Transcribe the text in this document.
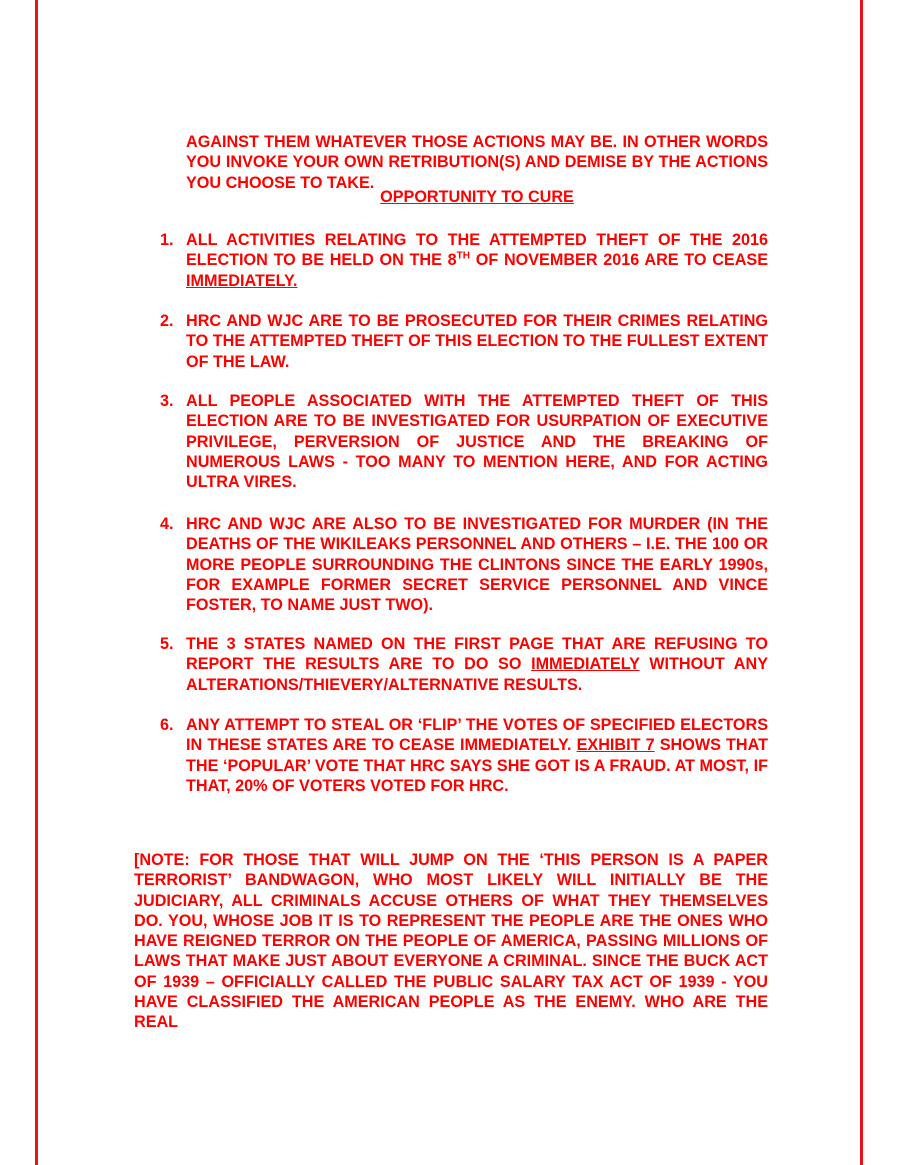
AGAINST THEM WHATEVER THOSE ACTIONS MAY BE. IN OTHER WORDS YOU INVOKE YOUR OWN RETRIBUTION(S) AND DEMISE BY THE ACTIONS YOU CHOOSE TO TAKE.

OPPORTUNITY TO CURE

1. ALL ACTIVITIES RELATING TO THE ATTEMPTED THEFT OF THE 2016 ELECTION TO BE HELD ON THE 8TH OF NOVEMBER 2016 ARE TO CEASE IMMEDIATELY.
2. HRC AND WJC ARE TO BE PROSECUTED FOR THEIR CRIMES RELATING TO THE ATTEMPTED THEFT OF THIS ELECTION TO THE FULLEST EXTENT OF THE LAW.
3. ALL PEOPLE ASSOCIATED WITH THE ATTEMPTED THEFT OF THIS ELECTION ARE TO BE INVESTIGATED FOR USURPATION OF EXECUTIVE PRIVILEGE, PERVERSION OF JUSTICE AND THE BREAKING OF NUMEROUS LAWS - TOO MANY TO MENTION HERE, AND FOR ACTING ULTRA VIRES.
4. HRC AND WJC ARE ALSO TO BE INVESTIGATED FOR MURDER (IN THE DEATHS OF THE WIKILEAKS PERSONNEL AND OTHERS – I.E. THE 100 OR MORE PEOPLE SURROUNDING THE CLINTONS SINCE THE EARLY 1990s, FOR EXAMPLE FORMER SECRET SERVICE PERSONNEL AND VINCE FOSTER, TO NAME JUST TWO).
5. THE 3 STATES NAMED ON THE FIRST PAGE THAT ARE REFUSING TO REPORT THE RESULTS ARE TO DO SO IMMEDIATELY WITHOUT ANY ALTERATIONS/THIEVERY/ALTERNATIVE RESULTS.
6. ANY ATTEMPT TO STEAL OR ‘FLIP’ THE VOTES OF SPECIFIED ELECTORS IN THESE STATES ARE TO CEASE IMMEDIATELY. EXHIBIT 7 SHOWS THAT THE ‘POPULAR’ VOTE THAT HRC SAYS SHE GOT IS A FRAUD. AT MOST, IF THAT, 20% OF VOTERS VOTED FOR HRC.

[NOTE: FOR THOSE THAT WILL JUMP ON THE ‘THIS PERSON IS A PAPER TERRORIST’ BANDWAGON, WHO MOST LIKELY WILL INITIALLY BE THE JUDICIARY, ALL CRIMINALS ACCUSE OTHERS OF WHAT THEY THEMSELVES DO. YOU, WHOSE JOB IT IS TO REPRESENT THE PEOPLE ARE THE ONES WHO HAVE REIGNED TERROR ON THE PEOPLE OF AMERICA, PASSING MILLIONS OF LAWS THAT MAKE JUST ABOUT EVERYONE A CRIMINAL. SINCE THE BUCK ACT OF 1939 – OFFICIALLY CALLED THE PUBLIC SALARY TAX ACT OF 1939 - YOU HAVE CLASSIFIED THE AMERICAN PEOPLE AS THE ENEMY. WHO ARE THE REAL
